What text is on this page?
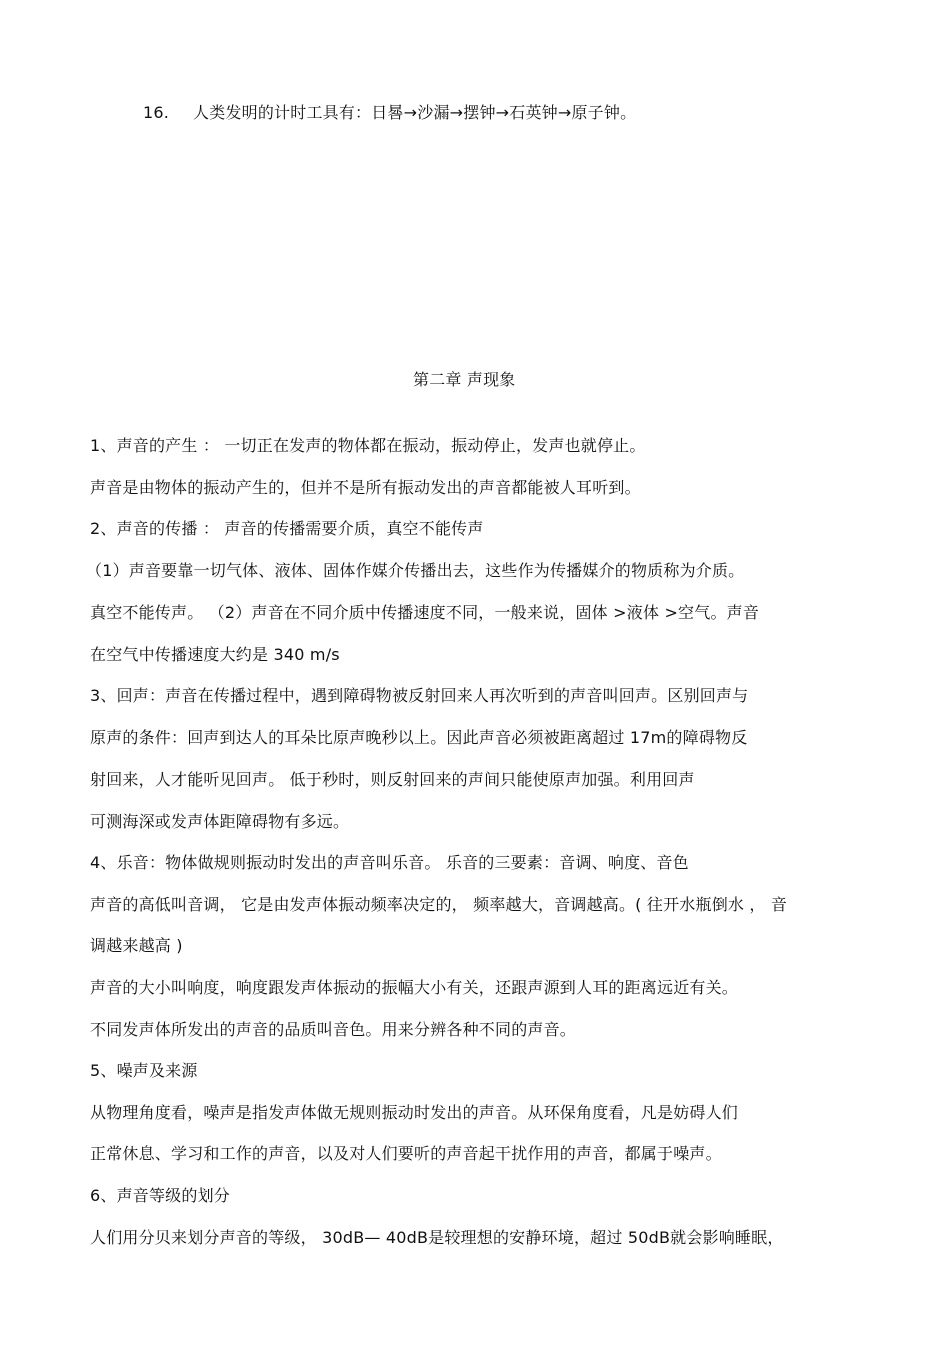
16. 人类发明的计时工具有：日晷→沙漏→摆钟→石英钟→原子钟。
第二章 声现象
1、声音的产生 ： 一切正在发声的物体都在振动，振动停止，发声也就停止。
声音是由物体的振动产生的，但并不是所有振动发出的声音都能被人耳听到。
2、声音的传播 ： 声音的传播需要介质，真空不能传声
（1）声音要靠一切气体、液体、固体作媒介传播出去，这些作为传播媒介的物质称为介质。
真空不能传声。 （2）声音在不同介质中传播速度不同，一般来说，固体 >液体 >空气。声音
在空气中传播速度大约是 340 m/s
3、回声：声音在传播过程中，遇到障碍物被反射回来人再次听到的声音叫回声。区别回声与
原声的条件：回声到达人的耳朵比原声晚秒以上。因此声音必须被距离超过 17m的障碍物反
射回来，人才能听见回声。 低于秒时，则反射回来的声间只能使原声加强。利用回声
可测海深或发声体距障碍物有多远。
4、乐音：物体做规则振动时发出的声音叫乐音。 乐音的三要素：音调、响度、音色
声音的高低叫音调， 它是由发声体振动频率决定的， 频率越大，音调越高。( 往开水瓶倒水 ， 音
调越来越高 )
声音的大小叫响度，响度跟发声体振动的振幅大小有关，还跟声源到人耳的距离远近有关。
不同发声体所发出的声音的品质叫音色。用来分辨各种不同的声音。
5、噪声及来源
从物理角度看，噪声是指发声体做无规则振动时发出的声音。从环保角度看，凡是妨碍人们
正常休息、学习和工作的声音，以及对人们要听的声音起干扰作用的声音，都属于噪声。
6、声音等级的划分
人们用分贝来划分声音的等级， 30dB— 40dB是较理想的安静环境，超过 50dB就会影响睡眠，
